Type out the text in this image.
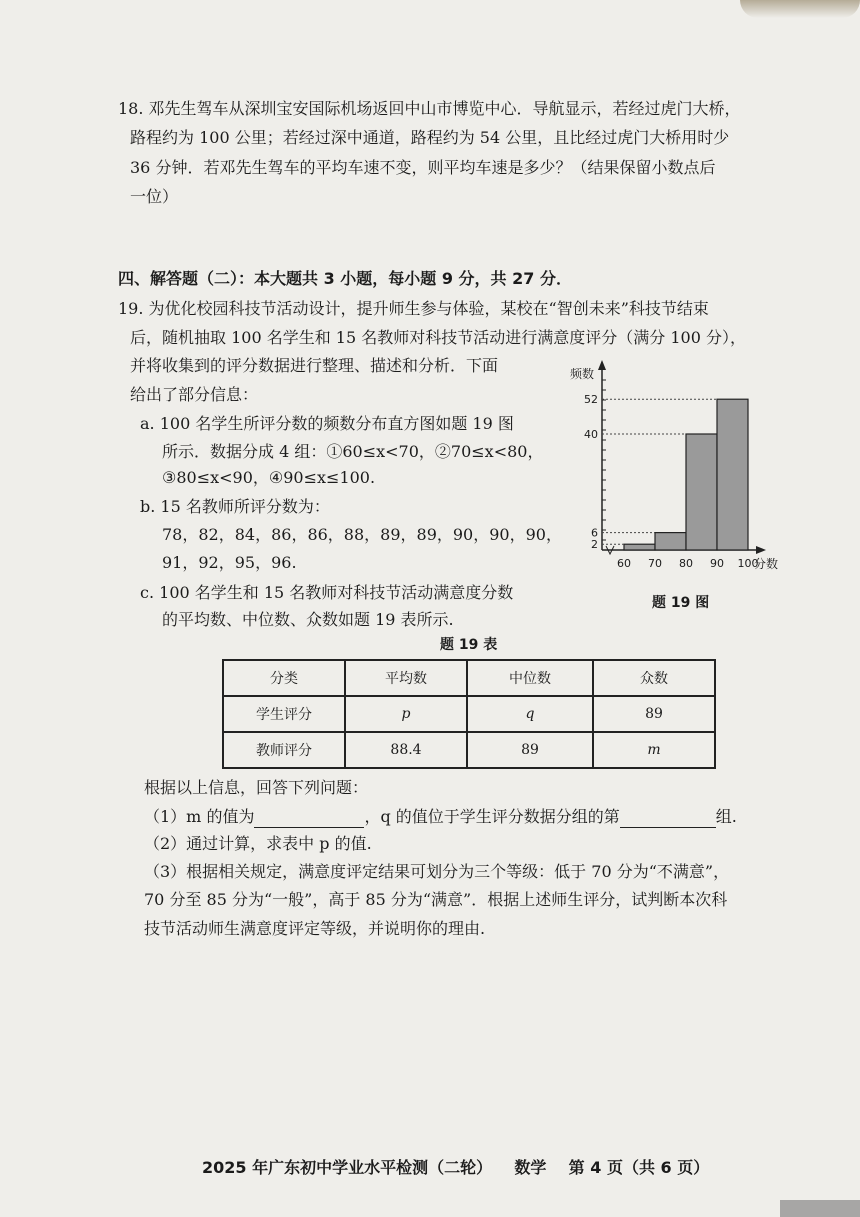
18. 邓先生驾车从深圳宝安国际机场返回中山市博览中心．导航显示，若经过虎门大桥，
路程约为 100 公里；若经过深中通道，路程约为 54 公里，且比经过虎门大桥用时少
36 分钟．若邓先生驾车的平均车速不变，则平均车速是多少？（结果保留小数点后
一位）
四、解答题（二）：本大题共 3 小题，每小题 9 分，共 27 分．
19. 为优化校园科技节活动设计，提升师生参与体验，某校在“智创未来”科技节结束
后，随机抽取 100 名学生和 15 名教师对科技节活动进行满意度评分（满分 100 分），
并将收集到的评分数据进行整理、描述和分析．下面
给出了部分信息：
a. 100 名学生所评分数的频数分布直方图如题 19 图
所示．数据分成 4 组：①60≤x<70，②70≤x<80，
③80≤x<90，④90≤x≤100.
b. 15 名教师所评分数为：
78，82，84，86，86，88，89，89，90，90，90，
91，92，95，96.
c. 100 名学生和 15 名教师对科技节活动满意度分数
的平均数、中位数、众数如题 19 表所示.
2
6
40
52
60 70 80 90 100
频数
分数
题 19 图
题 19 表
分类	平均数	中位数	众数
学生评分	p	q	89
教师评分	88.4	89	m
根据以上信息，回答下列问题：
（1）m 的值为	，q 的值位于学生评分数据分组的第	组.
（2）通过计算，求表中 p 的值.
（3）根据相关规定，满意度评定结果可划分为三个等级：低于 70 分为“不满意”，
70 分至 85 分为“一般”，高于 85 分为“满意”．根据上述师生评分，试判断本次科
技节活动师生满意度评定等级，并说明你的理由.
2025 年广东初中学业水平检测（二轮）    数学    第 4 页（共 6 页）
